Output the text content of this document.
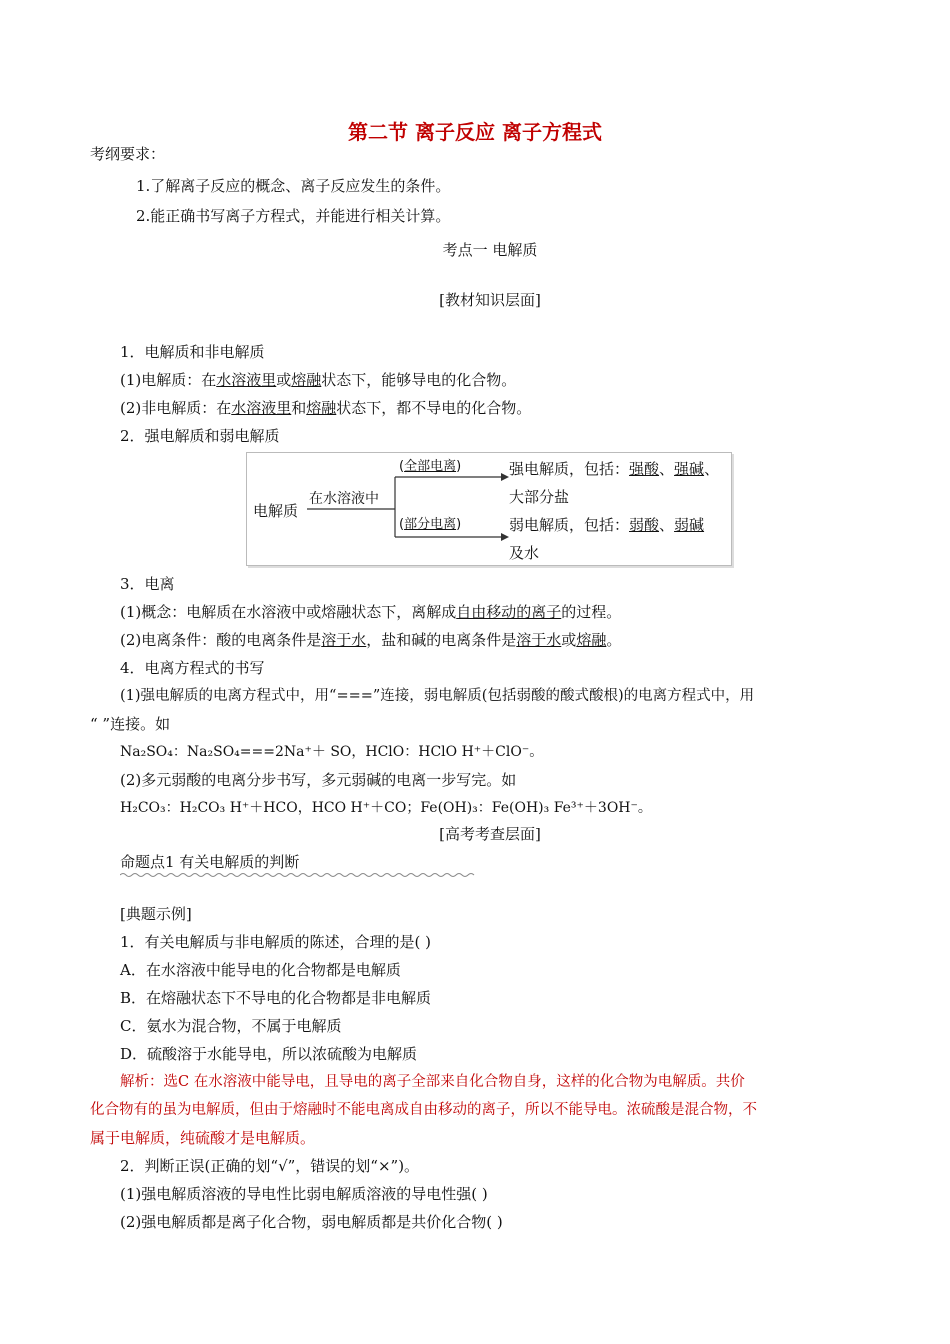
第二节 离子反应 离子方程式
考纲要求：
1.了解离子反应的概念、离子反应发生的条件。
2.能正确书写离子方程式，并能进行相关计算。
考点一 电解质
[教材知识层面]
1．电解质和非电解质
(1)电解质：在水溶液里或熔融状态下，能够导电的化合物。
(2)非电解质：在水溶液里和熔融状态下，都不导电的化合物。
2．强电解质和弱电解质
电解质
在水溶液中
(全部电离)	强电解质，包括：强酸、强碱、
大部分盐
(部分电离)	弱电解质，包括：弱酸、弱碱
及水
3．电离
(1)概念：电解质在水溶液中或熔融状态下，离解成自由移动的离子的过程。
(2)电离条件：酸的电离条件是溶于水，盐和碱的电离条件是溶于水或熔融。
4．电离方程式的书写
(1)强电解质的电离方程式中，用“===”连接，弱电解质(包括弱酸的酸式酸根)的电离方程式中，用
“ ”连接。如
Na₂SO₄：Na₂SO₄===2Na⁺＋ SO，HClO：HClO H⁺＋ClO⁻。
(2)多元弱酸的电离分步书写，多元弱碱的电离一步写完。如
H₂CO₃：H₂CO₃ H⁺＋HCO，HCO H⁺＋CO；Fe(OH)₃：Fe(OH)₃ Fe³⁺＋3OH⁻。
[高考考查层面]
命题点1 有关电解质的判断
[典题示例]
1．有关电解质与非电解质的陈述，合理的是( )
A．在水溶液中能导电的化合物都是电解质
B．在熔融状态下不导电的化合物都是非电解质
C．氨水为混合物，不属于电解质
D．硫酸溶于水能导电，所以浓硫酸为电解质
解析：选C 在水溶液中能导电，且导电的离子全部来自化合物自身，这样的化合物为电解质。共价
化合物有的虽为电解质，但由于熔融时不能电离成自由移动的离子，所以不能导电。浓硫酸是混合物，不
属于电解质，纯硫酸才是电解质。
2．判断正误(正确的划“√”，错误的划“×”)。
(1)强电解质溶液的导电性比弱电解质溶液的导电性强( )
(2)强电解质都是离子化合物，弱电解质都是共价化合物( )
